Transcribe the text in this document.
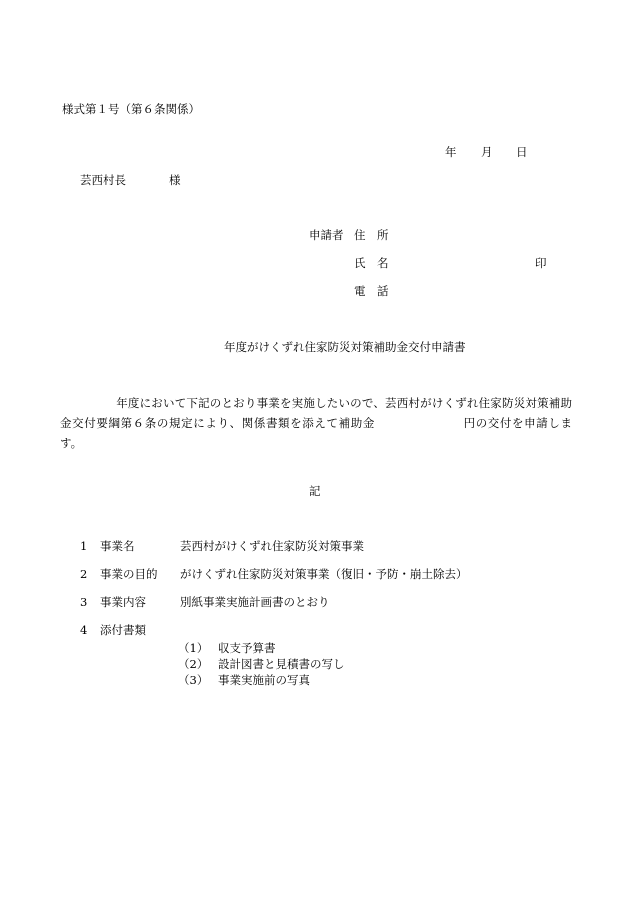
様式第１号（第６条関係）
年 月 日
芸西村長	様
申請者 住　所
氏　名	印
電　話
年度がけくずれ住家防災対策補助金交付申請書
年度において下記のとおり事業を実施したいので、芸西村がけくずれ住家防災対策補助金交付要綱第６条の規定により、関係書類を添えて補助金	円の交付を申請します。
記
1 事業名	芸西村がけくずれ住家防災対策事業
2 事業の目的 がけくずれ住家防災対策事業（復旧・予防・崩土除去）
3 事業内容	別紙事業実施計画書のとおり
4 添付書類
（1） 収支予算書
（2） 設計図書と見積書の写し
（3） 事業実施前の写真
